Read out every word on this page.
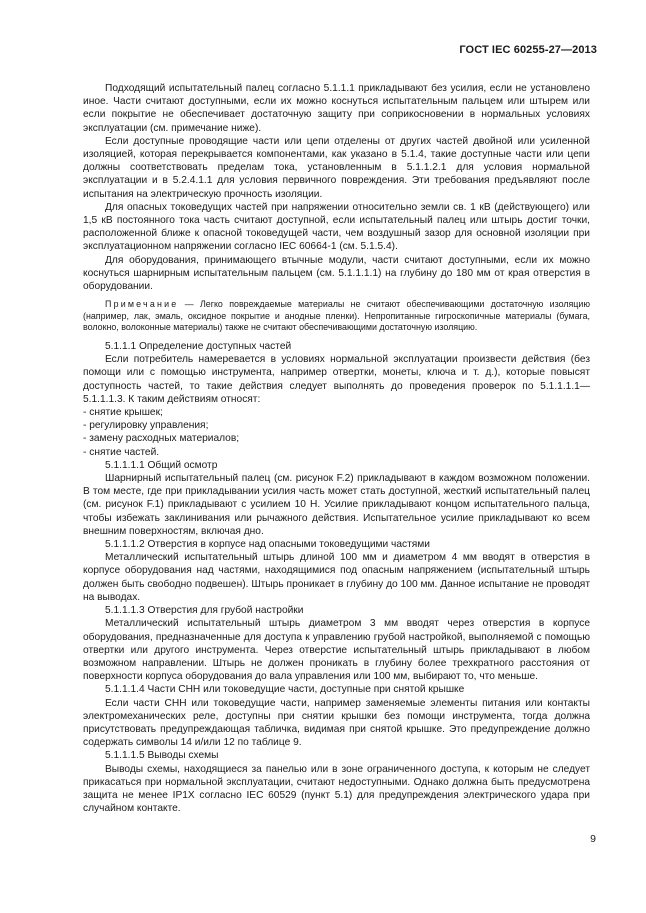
ГОСТ IEC 60255-27—2013

Подходящий испытательный палец согласно 5.1.1.1 прикладывают без усилия, если не установлено иное. Части считают доступными, если их можно коснуться испытательным пальцем или штырем или если покрытие не обеспечивает достаточную защиту при соприкосновении в нормальных условиях эксплуатации (см. примечание ниже).

Если доступные проводящие части или цепи отделены от других частей двойной или усиленной изоляцией, которая перекрывается компонентами, как указано в 5.1.4, такие доступные части или цепи должны соответствовать пределам тока, установленным в 5.1.1.2.1 для условия нормальной эксплуатации и в 5.2.4.1.1 для условия первичного повреждения. Эти требования предъявляют после испытания на электрическую прочность изоляции.

Для опасных токоведущих частей при напряжении относительно земли св. 1 кВ (действующего) или 1,5 кВ постоянного тока часть считают доступной, если испытательный палец или штырь достиг точки, расположенной ближе к опасной токоведущей части, чем воздушный зазор для основной изоляции при эксплуатационном напряжении согласно IEC 60664-1 (см. 5.1.5.4).

Для оборудования, принимающего втычные модули, части считают доступными, если их можно коснуться шарнирным испытательным пальцем (см. 5.1.1.1.1) на глубину до 180 мм от края отверстия в оборудовании.

Примечание — Легко повреждаемые материалы не считают обеспечивающими достаточную изоляцию (например, лак, эмаль, оксидное покрытие и анодные пленки). Непропитанные гигроскопичные материалы (бумага, волокно, волоконные материалы) также не считают обеспечивающими достаточную изоляцию.

5.1.1.1 Определение доступных частей

Если потребитель намеревается в условиях нормальной эксплуатации произвести действия (без помощи или с помощью инструмента, например отвертки, монеты, ключа и т. д.), которые повысят доступность частей, то такие действия следует выполнять до проведения проверок по 5.1.1.1.1—5.1.1.1.3. К таким действиям относят:

- снятие крышек;

- регулировку управления;

- замену расходных материалов;

- снятие частей.

5.1.1.1.1 Общий осмотр

Шарнирный испытательный палец (см. рисунок F.2) прикладывают в каждом возможном положении. В том месте, где при прикладывании усилия часть может стать доступной, жесткий испытательный палец (см. рисунок F.1) прикладывают с усилием 10 Н. Усилие прикладывают концом испытательного пальца, чтобы избежать заклинивания или рычажного действия. Испытательное усилие прикладывают ко всем внешним поверхностям, включая дно.

5.1.1.1.2 Отверстия в корпусе над опасными токоведущими частями

Металлический испытательный штырь длиной 100 мм и диаметром 4 мм вводят в отверстия в корпусе оборудования над частями, находящимися под опасным напряжением (испытательный штырь должен быть свободно подвешен). Штырь проникает в глубину до 100 мм. Данное испытание не проводят на выводах.

5.1.1.1.3 Отверстия для грубой настройки

Металлический испытательный штырь диаметром 3 мм вводят через отверстия в корпусе оборудования, предназначенные для доступа к управлению грубой настройкой, выполняемой с помощью отвертки или другого инструмента. Через отверстие испытательный штырь прикладывают в любом возможном направлении. Штырь не должен проникать в глубину более трехкратного расстояния от поверхности корпуса оборудования до вала управления или 100 мм, выбирают то, что меньше.

5.1.1.1.4 Части СНН или токоведущие части, доступные при снятой крышке

Если части СНН или токоведущие части, например заменяемые элементы питания или контакты электромеханических реле, доступны при снятии крышки без помощи инструмента, тогда должна присутствовать предупреждающая табличка, видимая при снятой крышке. Это предупреждение должно содержать символы 14 и/или 12 по таблице 9.

5.1.1.1.5 Выводы схемы

Выводы схемы, находящиеся за панелью или в зоне ограниченного доступа, к которым не следует прикасаться при нормальной эксплуатации, считают недоступными. Однако должна быть предусмотрена защита не менее IP1X согласно IEC 60529 (пункт 5.1) для предупреждения электрического удара при случайном контакте.

9
